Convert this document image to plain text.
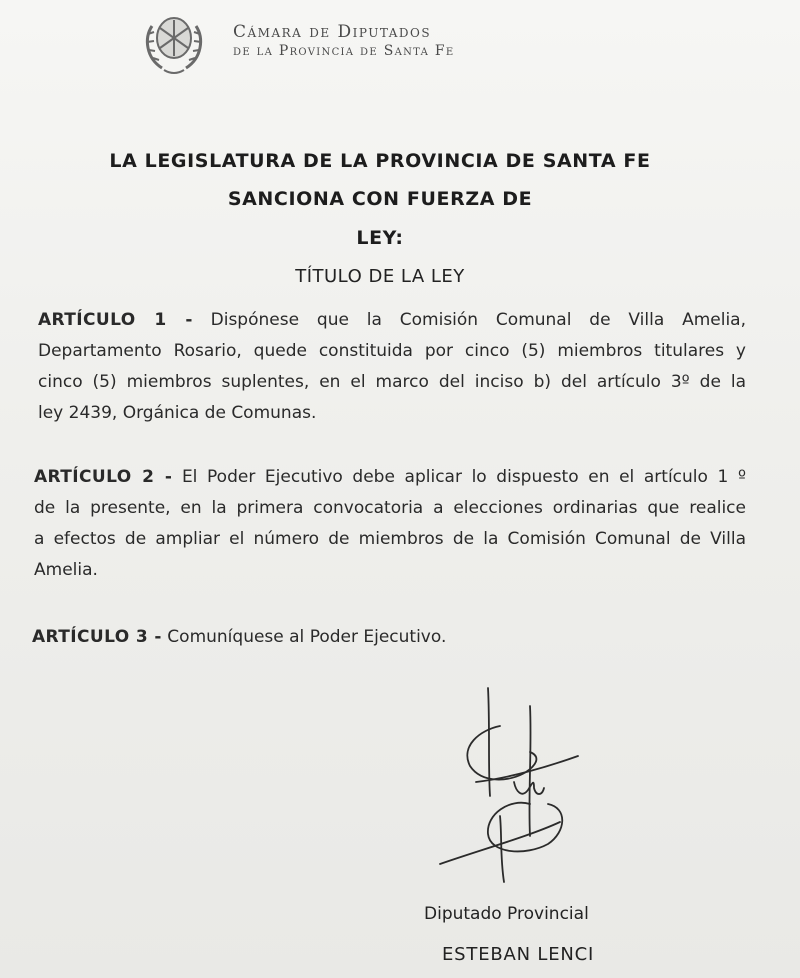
Cámara de Diputados
de la Provincia de Santa Fe
LA LEGISLATURA DE LA PROVINCIA DE SANTA FE
SANCIONA CON FUERZA DE
LEY:
TÍTULO DE LA LEY

ARTÍCULO 1 - Dispónese que la Comisión Comunal de Villa Amelia,

Departamento Rosario, quede constituida por cinco (5) miembros titulares y

cinco (5) miembros suplentes, en el marco del inciso b) del artículo 3º de la

ley 2439, Orgánica de Comunas.

ARTÍCULO 2 - El Poder Ejecutivo debe aplicar lo dispuesto en el artículo 1 º

de la presente, en la primera convocatoria a elecciones ordinarias que realice

a efectos de ampliar el número de miembros de la Comisión Comunal de Villa

Amelia.

ARTÍCULO 3 - Comuníquese al Poder Ejecutivo.

Diputado Provincial
ESTEBAN LENCI
